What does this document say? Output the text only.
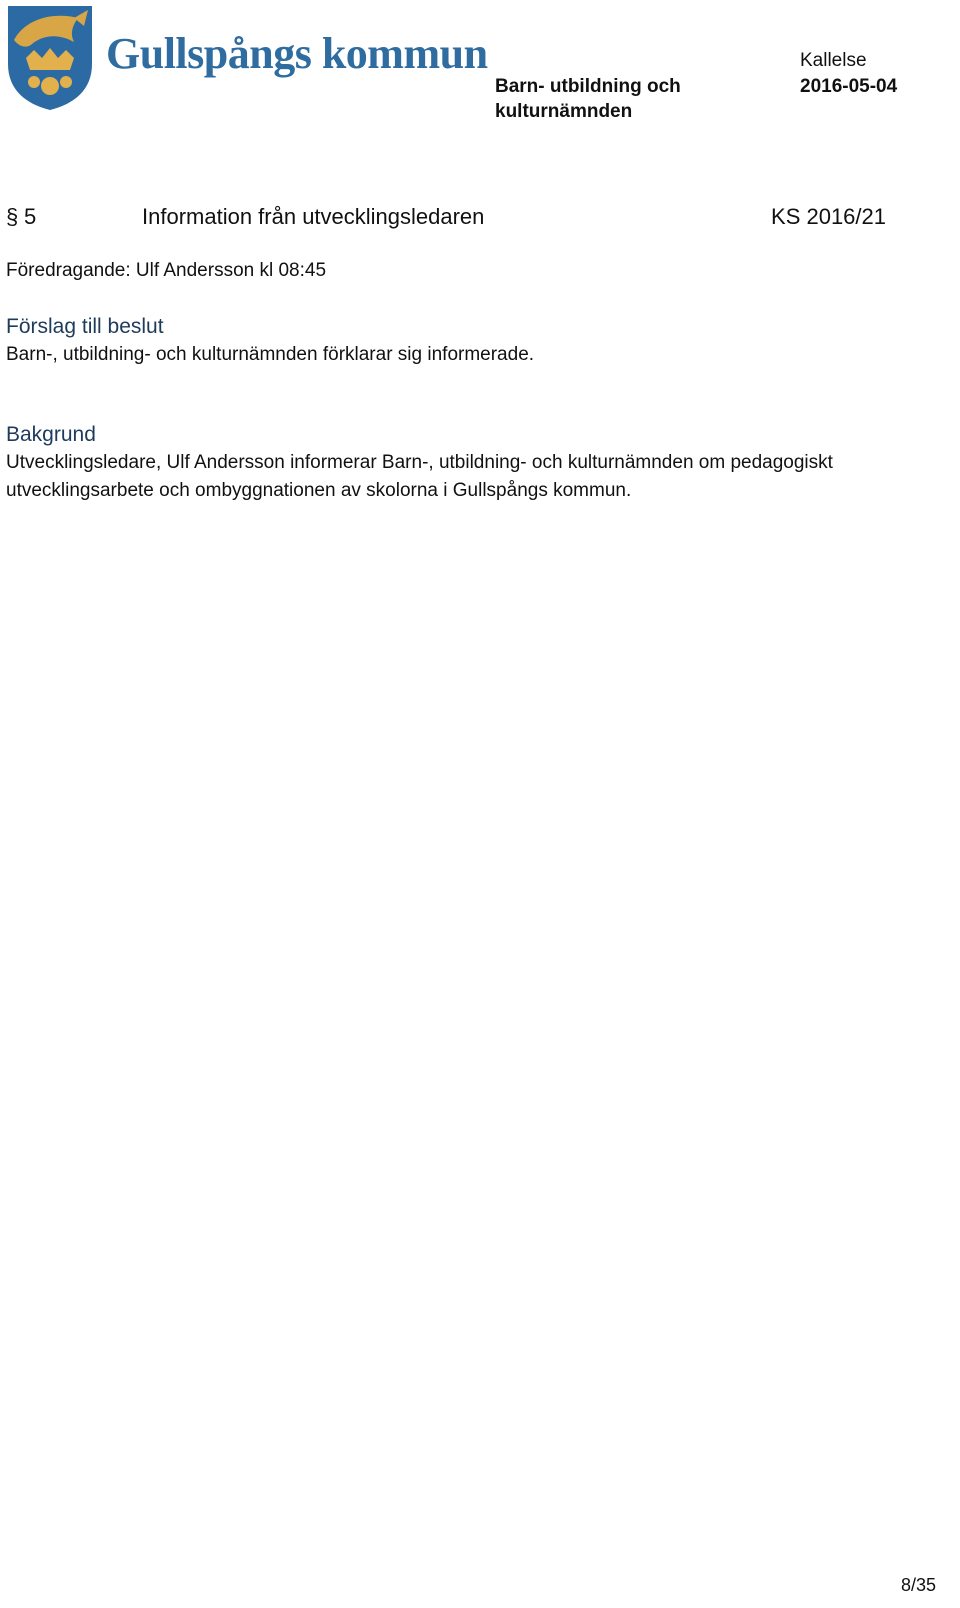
Gullspångs kommun
Barn- utbildning och
kulturnämnden
Kallelse
2016-05-04
§ 5	Information från utvecklingsledaren	KS 2016/21
Föredragande: Ulf Andersson kl 08:45
Förslag till beslut
Barn-, utbildning- och kulturnämnden förklarar sig informerade.
Bakgrund
Utvecklingsledare, Ulf Andersson informerar Barn-, utbildning- och kulturnämnden om pedagogiskt
utvecklingsarbete och ombyggnationen av skolorna i Gullspångs kommun.
8/35
